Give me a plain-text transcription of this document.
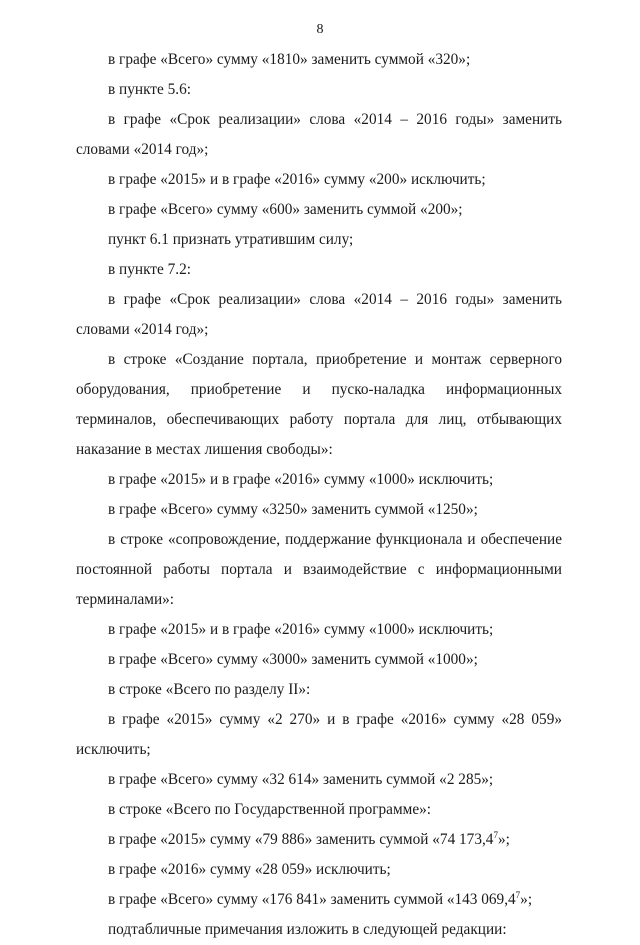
8

в графе «Всего» сумму «1810» заменить суммой «320»;

в пункте 5.6:

в графе «Срок реализации» слова «2014 – 2016 годы» заменить словами «2014 год»;

в графе «2015» и в графе «2016» сумму «200» исключить;

в графе «Всего» сумму «600» заменить суммой «200»;

пункт 6.1 признать утратившим силу;

в пункте 7.2:

в графе «Срок реализации» слова «2014 – 2016 годы» заменить словами «2014 год»;

в строке «Создание портала, приобретение и монтаж серверного оборудования, приобретение и пуско-наладка информационных терминалов, обеспечивающих работу портала для лиц, отбывающих наказание в местах лишения свободы»:

в графе «2015» и в графе «2016» сумму «1000» исключить;

в графе «Всего» сумму «3250» заменить суммой «1250»;

в строке «сопровождение, поддержание функционала и обеспечение постоянной работы портала и взаимодействие с информационными терминалами»:

в графе «2015» и в графе «2016» сумму «1000» исключить;

в графе «Всего» сумму «3000» заменить суммой «1000»;

в строке «Всего по разделу II»:

в графе «2015» сумму «2 270» и в графе «2016» сумму «28 059» исключить;

в графе «Всего» сумму «32 614» заменить суммой «2 285»;

в строке «Всего по Государственной программе»:

в графе «2015» сумму «79 886» заменить суммой «74 173,4$^7$»;

в графе «2016» сумму «28 059» исключить;

в графе «Всего» сумму «176 841» заменить суммой «143 069,4$^7$»;

подтабличные примечания изложить в следующей редакции:
